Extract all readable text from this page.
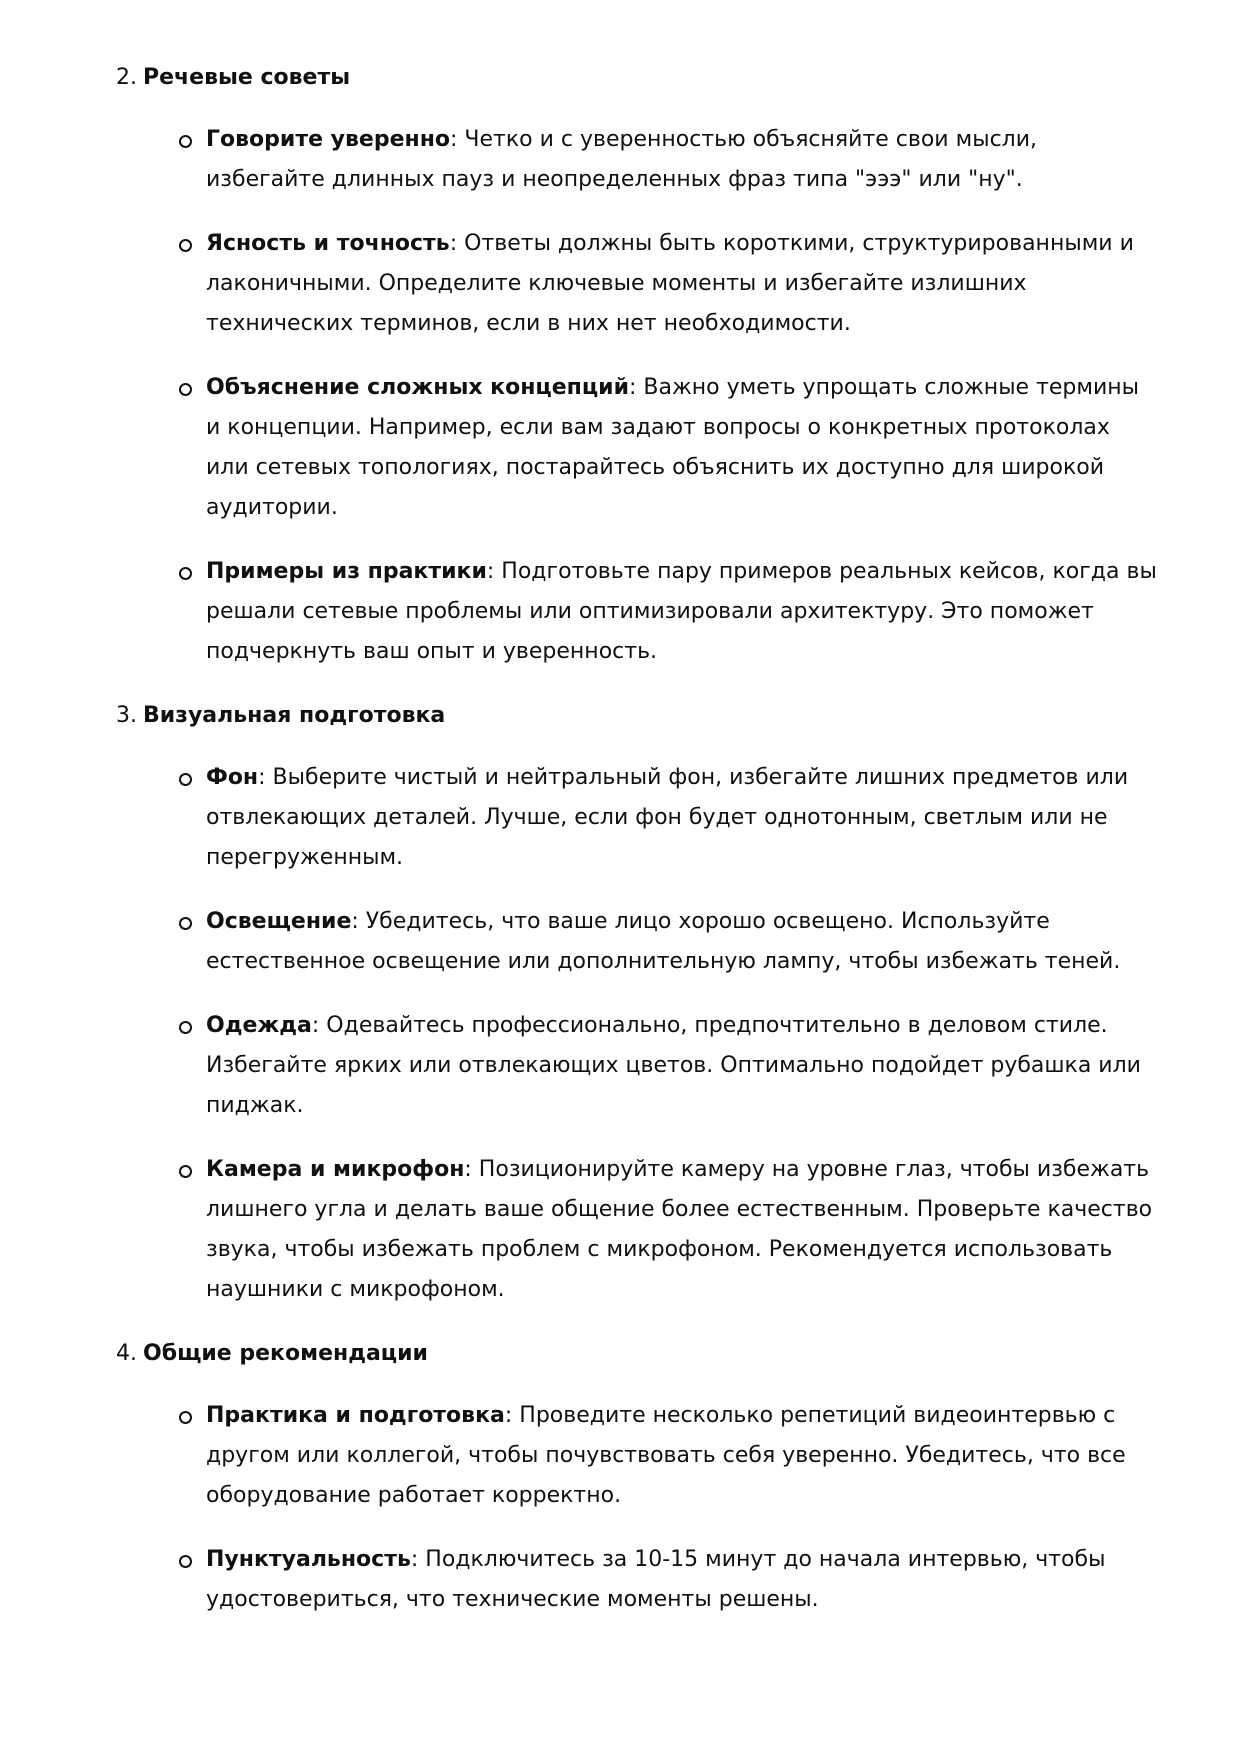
2. Речевые советы
Говорите уверенно: Четко и с уверенностью объясняйте свои мысли, избегайте длинных пауз и неопределенных фраз типа "эээ" или "ну".
Ясность и точность: Ответы должны быть короткими, структурированными и лаконичными. Определите ключевые моменты и избегайте излишних технических терминов, если в них нет необходимости.
Объяснение сложных концепций: Важно уметь упрощать сложные термины и концепции. Например, если вам задают вопросы о конкретных протоколах или сетевых топологиях, постарайтесь объяснить их доступно для широкой аудитории.
Примеры из практики: Подготовьте пару примеров реальных кейсов, когда вы решали сетевые проблемы или оптимизировали архитектуру. Это поможет подчеркнуть ваш опыт и уверенность.
3. Визуальная подготовка
Фон: Выберите чистый и нейтральный фон, избегайте лишних предметов или отвлекающих деталей. Лучше, если фон будет однотонным, светлым или не перегруженным.
Освещение: Убедитесь, что ваше лицо хорошо освещено. Используйте естественное освещение или дополнительную лампу, чтобы избежать теней.
Одежда: Одевайтесь профессионально, предпочтительно в деловом стиле. Избегайте ярких или отвлекающих цветов. Оптимально подойдет рубашка или пиджак.
Камера и микрофон: Позиционируйте камеру на уровне глаз, чтобы избежать лишнего угла и делать ваше общение более естественным. Проверьте качество звука, чтобы избежать проблем с микрофоном. Рекомендуется использовать наушники с микрофоном.
4. Общие рекомендации
Практика и подготовка: Проведите несколько репетиций видеоинтервью с другом или коллегой, чтобы почувствовать себя уверенно. Убедитесь, что все оборудование работает корректно.
Пунктуальность: Подключитесь за 10-15 минут до начала интервью, чтобы удостовериться, что технические моменты решены.
